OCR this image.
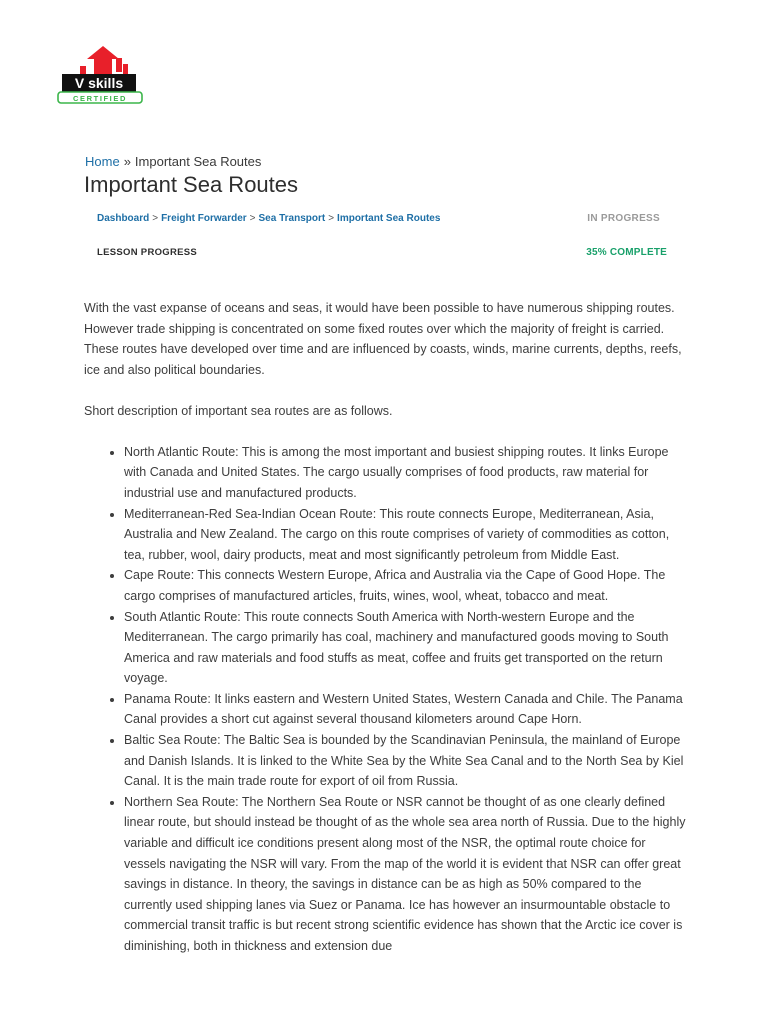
V skills
CERTIFIED
Home » Important Sea Routes
Important Sea Routes
Dashboard > Freight Forwarder > Sea Transport > Important Sea Routes	IN PROGRESS
LESSON PROGRESS	35% COMPLETE

With the vast expanse of oceans and seas, it would have been possible to have numerous shipping routes. However trade shipping is concentrated on some fixed routes over which the majority of freight is carried. These routes have developed over time and are influenced by coasts, winds, marine currents, depths, reefs, ice and also political boundaries.

Short description of important sea routes are as follows.

• North Atlantic Route: This is among the most important and busiest shipping routes. It links Europe with Canada and United States. The cargo usually comprises of food products, raw material for industrial use and manufactured products.
• Mediterranean-Red Sea-Indian Ocean Route: This route connects Europe, Mediterranean, Asia, Australia and New Zealand. The cargo on this route comprises of variety of commodities as cotton, tea, rubber, wool, dairy products, meat and most significantly petroleum from Middle East.
• Cape Route: This connects Western Europe, Africa and Australia via the Cape of Good Hope. The cargo comprises of manufactured articles, fruits, wines, wool, wheat, tobacco and meat.
• South Atlantic Route: This route connects South America with North-western Europe and the Mediterranean. The cargo primarily has coal, machinery and manufactured goods moving to South America and raw materials and food stuffs as meat, coffee and fruits get transported on the return voyage.
• Panama Route: It links eastern and Western United States, Western Canada and Chile. The Panama Canal provides a short cut against several thousand kilometers around Cape Horn.
• Baltic Sea Route: The Baltic Sea is bounded by the Scandinavian Peninsula, the mainland of Europe and Danish Islands. It is linked to the White Sea by the White Sea Canal and to the North Sea by Kiel Canal. It is the main trade route for export of oil from Russia.
• Northern Sea Route: The Northern Sea Route or NSR cannot be thought of as one clearly defined linear route, but should instead be thought of as the whole sea area north of Russia. Due to the highly variable and difficult ice conditions present along most of the NSR, the optimal route choice for vessels navigating the NSR will vary. From the map of the world it is evident that NSR can offer great savings in distance. In theory, the savings in distance can be as high as 50% compared to the currently used shipping lanes via Suez or Panama. Ice has however an insurmountable obstacle to commercial transit traffic is but recent strong scientific evidence has shown that the Arctic ice cover is diminishing, both in thickness and extension due
